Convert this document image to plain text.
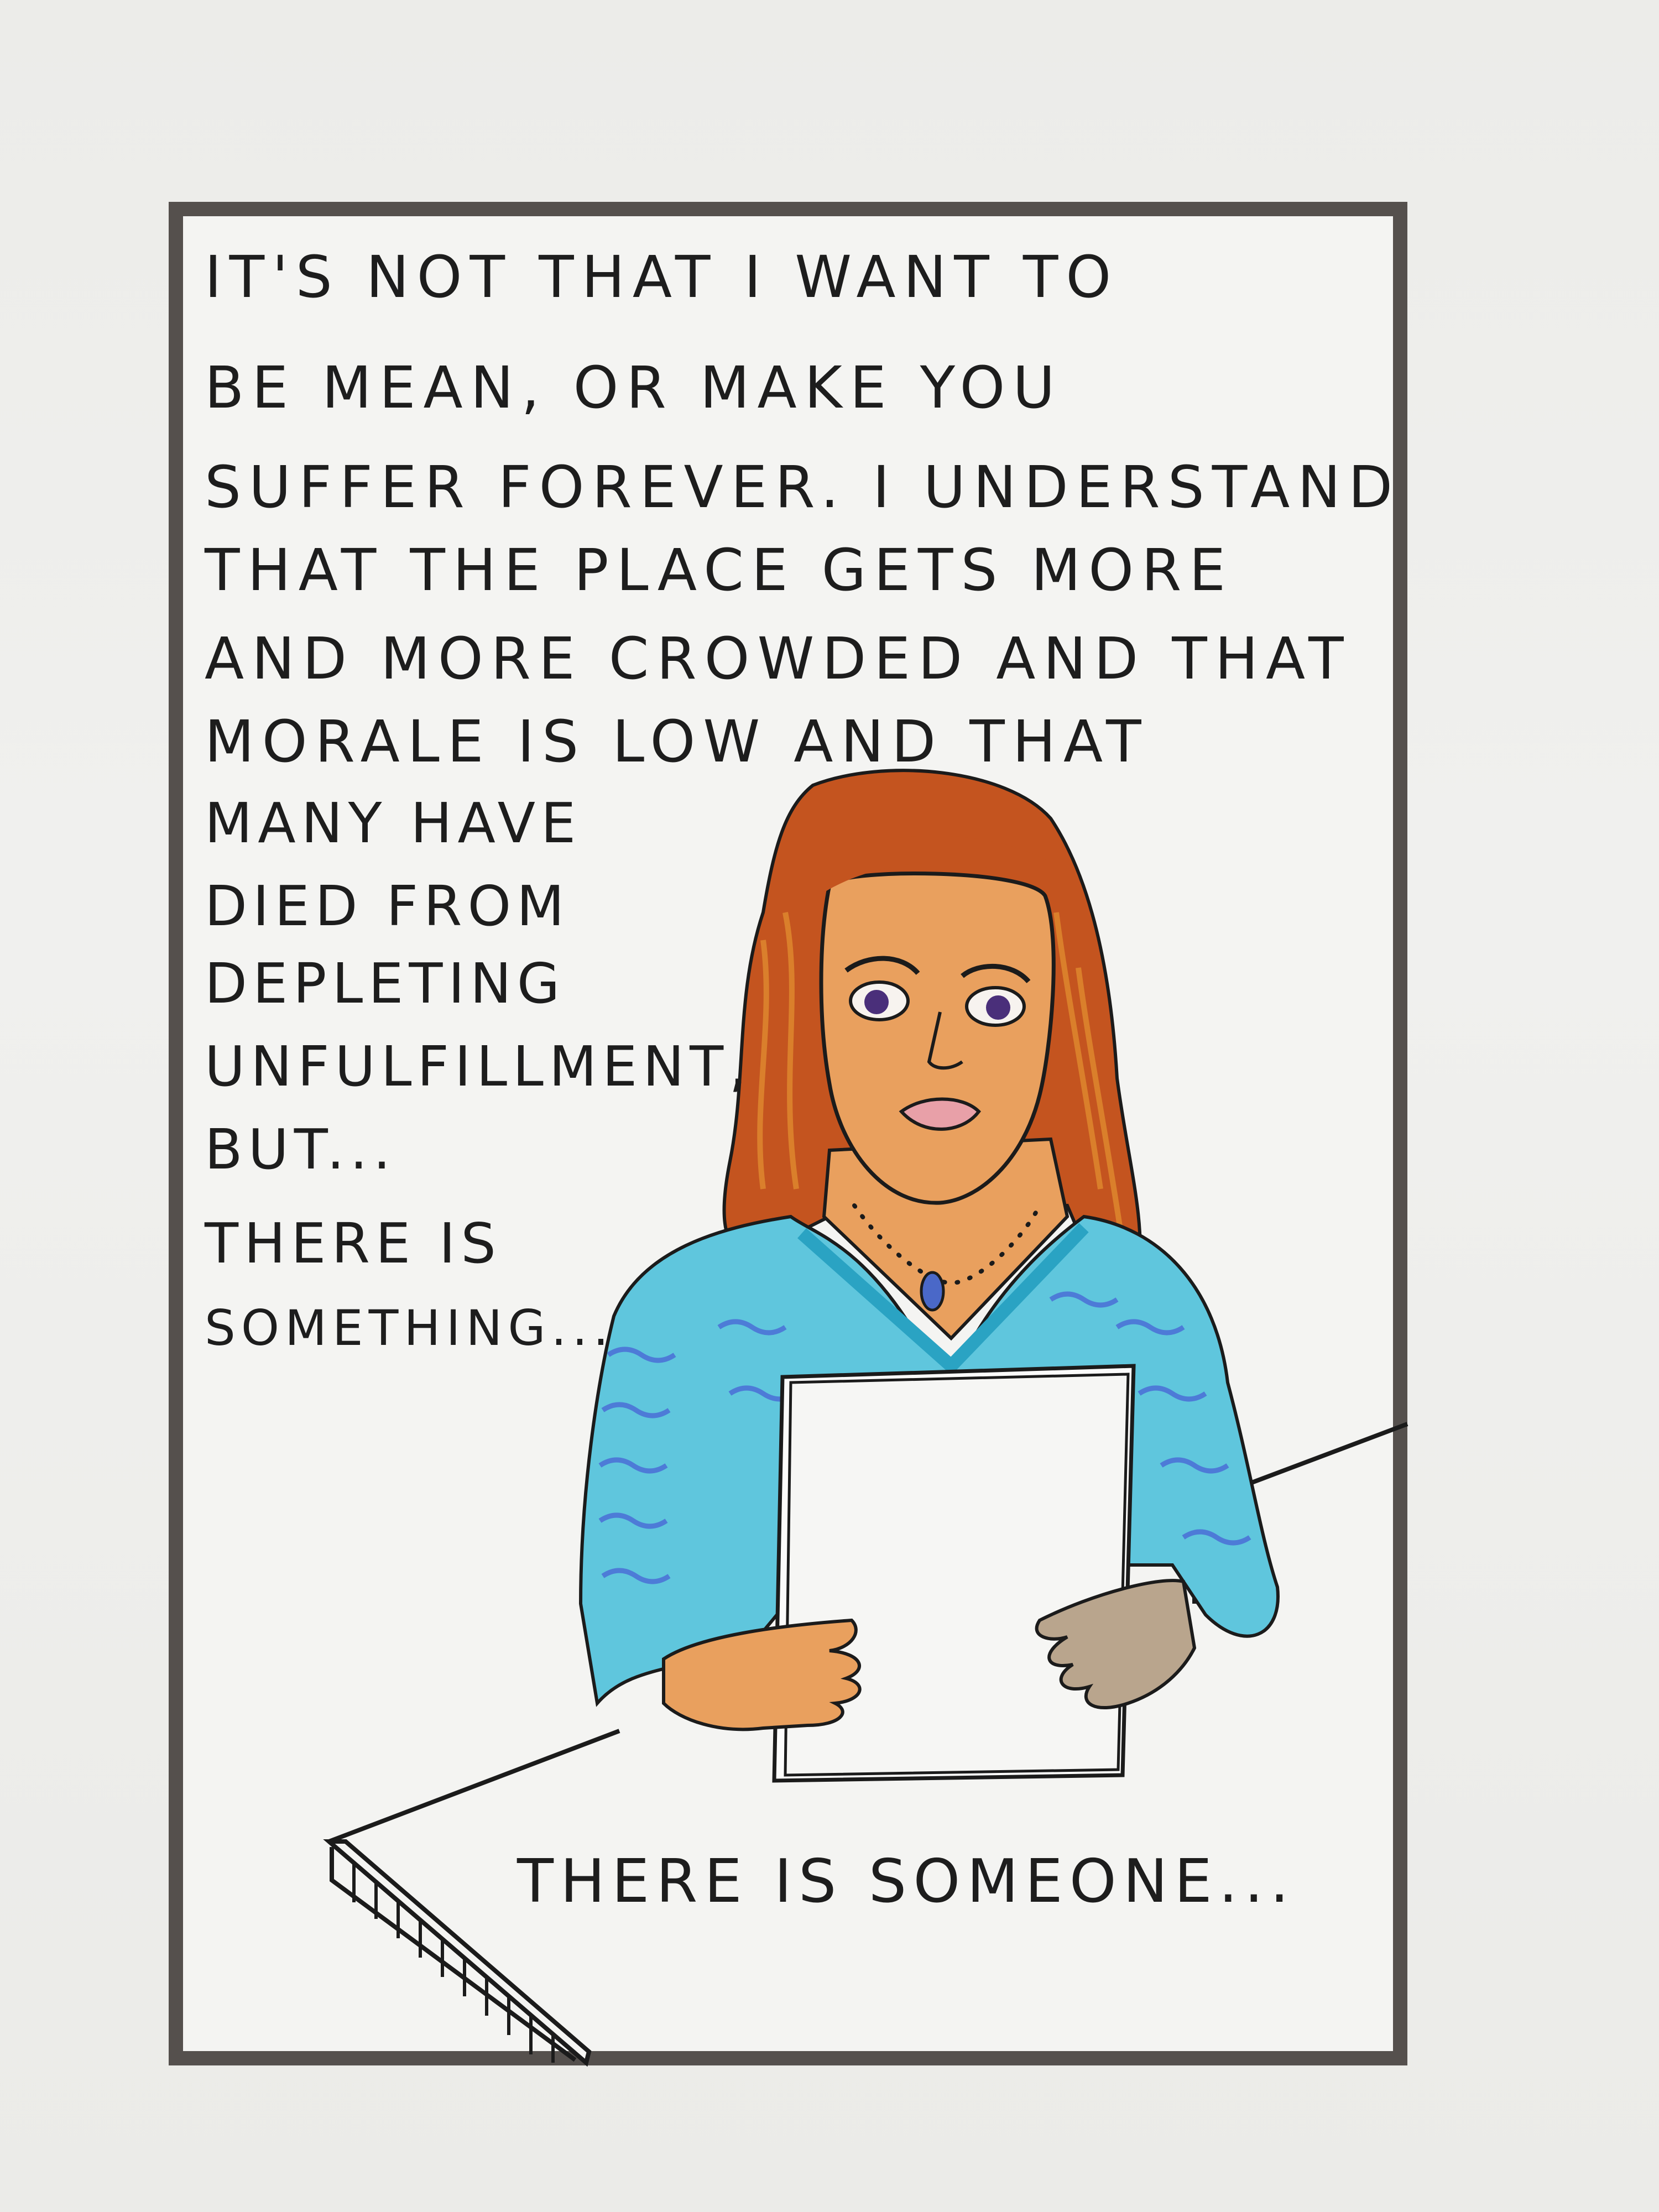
IT'S NOT THAT I WANT TO
BE MEAN, OR MAKE YOU
SUFFER FOREVER. I UNDERSTAND
THAT THE PLACE GETS MORE
AND MORE CROWDED AND THAT
MORALE IS LOW AND THAT
MANY HAVE
DIED FROM
DEPLETING
UNFULFILLMENT,
BUT...
THERE IS
SOMETHING...
THERE IS SOMEONE...
